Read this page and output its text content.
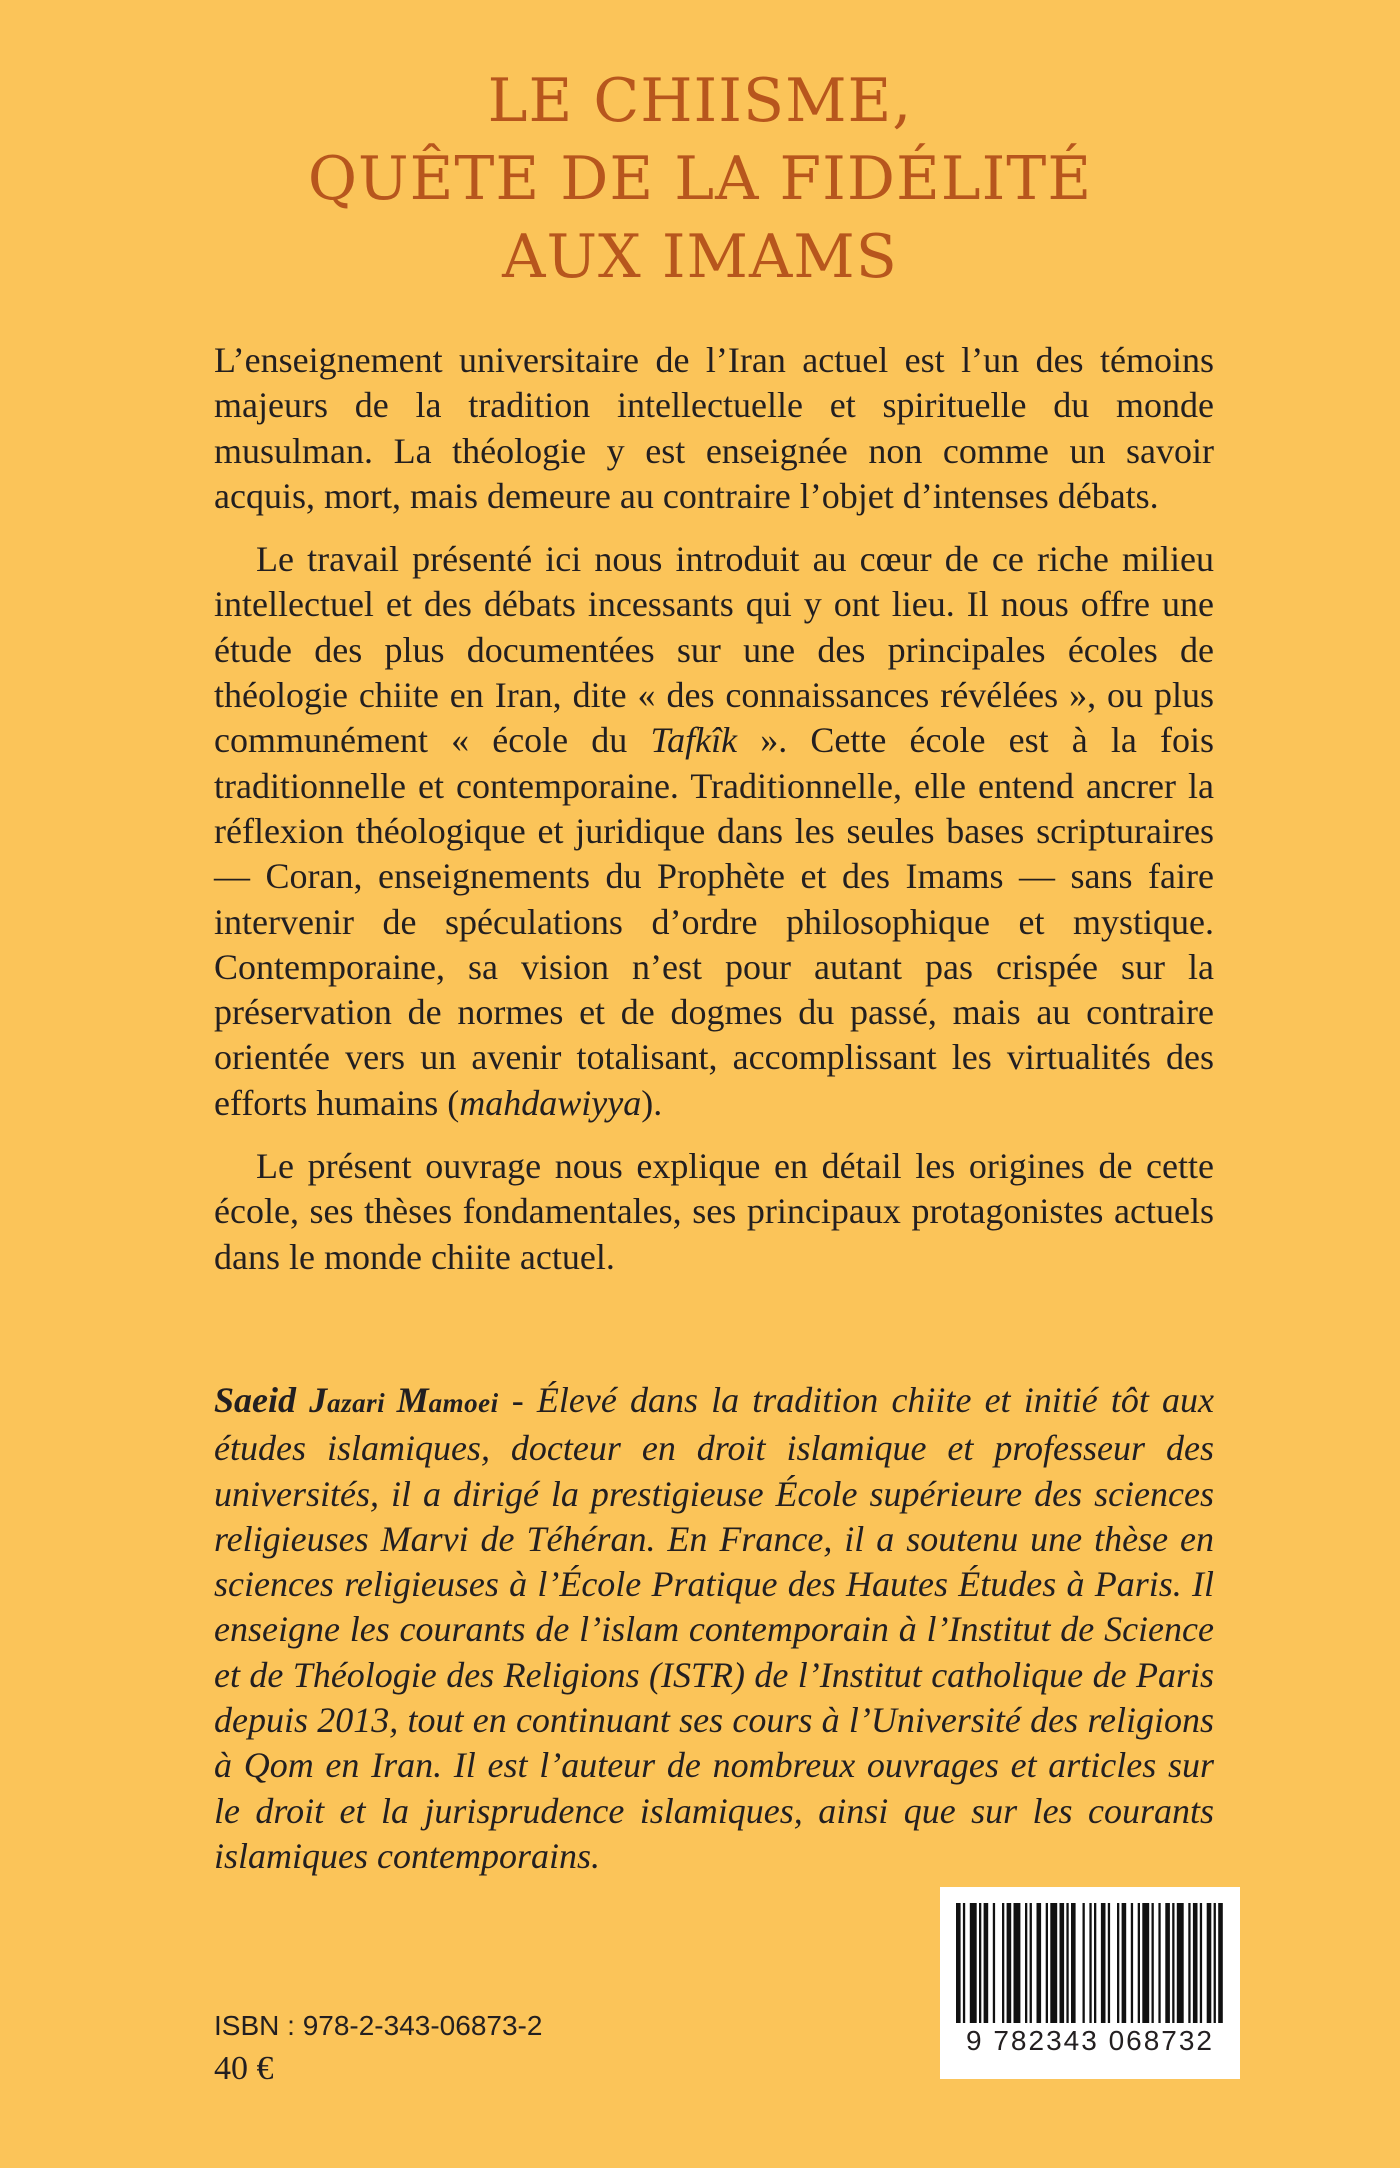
LE CHIISME,
QUÊTE DE LA FIDÉLITÉ
AUX IMAMS

L’enseignement universitaire de l’Iran actuel est l’un des témoins majeurs de la tradition intellectuelle et spirituelle du monde musulman. La théologie y est enseignée non comme un savoir acquis, mort, mais demeure au contraire l’objet d’intenses débats.

Le travail présenté ici nous introduit au cœur de ce riche milieu intellectuel et des débats incessants qui y ont lieu. Il nous offre une étude des plus documentées sur une des principales écoles de théologie chiite en Iran, dite « des connaissances révélées », ou plus communément « école du Tafkîk ». Cette école est à la fois traditionnelle et contemporaine. Traditionnelle, elle entend ancrer la réflexion théologique et juridique dans les seules bases scripturaires — Coran, enseignements du Prophète et des Imams — sans faire intervenir de spéculations d’ordre philosophique et mystique. Contemporaine, sa vision n’est pour autant pas crispée sur la préservation de normes et de dogmes du passé, mais au contraire orientée vers un avenir totalisant, accomplissant les virtualités des efforts humains (mahdawiyya).

Le présent ouvrage nous explique en détail les origines de cette école, ses thèses fondamentales, ses principaux protagonistes actuels dans le monde chiite actuel.

Saeid Jazari Mamoei - Élevé dans la tradition chiite et initié tôt aux études islamiques, docteur en droit islamique et professeur des universités, il a dirigé la prestigieuse École supérieure des sciences religieuses Marvi de Téhéran. En France, il a soutenu une thèse en sciences religieuses à l’École Pratique des Hautes Études à Paris. Il enseigne les courants de l’islam contemporain à l’Institut de Science et de Théologie des Religions (ISTR) de l’Institut catholique de Paris depuis 2013, tout en continuant ses cours à l’Université des religions à Qom en Iran. Il est l’auteur de nombreux ouvrages et articles sur le droit et la jurisprudence islamiques, ainsi que sur les courants islamiques contemporains.

9 782343 068732
ISBN : 978-2-343-06873-2
40 €
